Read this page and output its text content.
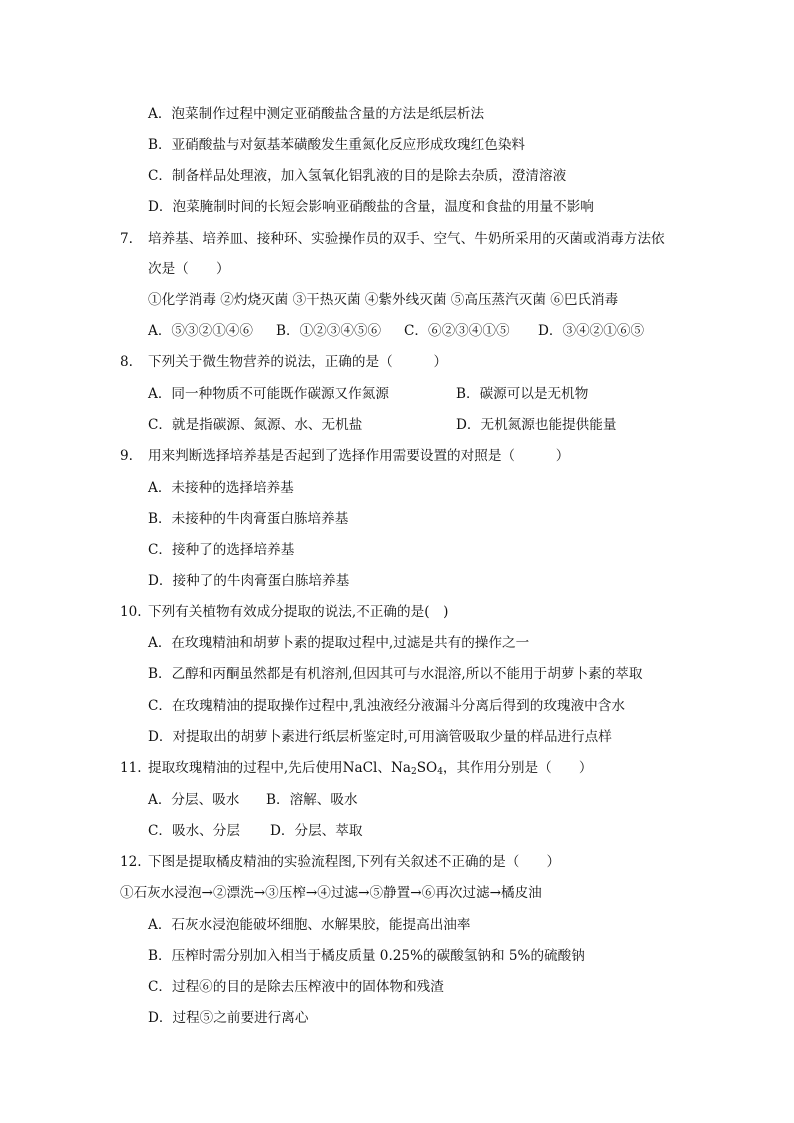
A．泡菜制作过程中测定亚硝酸盐含量的方法是纸层析法
B．亚硝酸盐与对氨基苯磺酸发生重氮化反应形成玫瑰红色染料
C．制备样品处理液，加入氢氧化铝乳液的目的是除去杂质，澄清溶液
D．泡菜腌制时间的长短会影响亚硝酸盐的含量，温度和食盐的用量不影响
7. 培养基、培养皿、接种环、实验操作员的双手、空气、牛奶所采用的灭菌或消毒方法依
次是（　　）
①化学消毒 ②灼烧灭菌 ③干热灭菌 ④紫外线灭菌 ⑤高压蒸汽灭菌 ⑥巴氏消毒
A．⑤③②①④⑥ B．①②③④⑤⑥ C．⑥②③④①⑤ D．③④②①⑥⑤
8. 下列关于微生物营养的说法，正确的是（　　　）
A．同一种物质不可能既作碳源又作氮源	B．碳源可以是无机物
C．就是指碳源、氮源、水、无机盐	D．无机氮源也能提供能量
9. 用来判断选择培养基是否起到了选择作用需要设置的对照是（　　　）
A．未接种的选择培养基
B．未接种的牛肉膏蛋白胨培养基
C．接种了的选择培养基
D．接种了的牛肉膏蛋白胨培养基
10. 下列有关植物有效成分提取的说法,不正确的是(　)
A．在玫瑰精油和胡萝卜素的提取过程中,过滤是共有的操作之一
B．乙醇和丙酮虽然都是有机溶剂,但因其可与水混溶,所以不能用于胡萝卜素的萃取
C．在玫瑰精油的提取操作过程中,乳浊液经分液漏斗分离后得到的玫瑰液中含水
D．对提取出的胡萝卜素进行纸层析鉴定时,可用滴管吸取少量的样品进行点样
11. 提取玫瑰精油的过程中,先后使用NaCl、$Na_2SO_4$，其作用分别是（　　）
A．分层、吸水 B．溶解、吸水
C．吸水、分层 D．分层、萃取
12. 下图是提取橘皮精油的实验流程图,下列有关叙述不正确的是（　　）
①石灰水浸泡→②漂洗→③压榨→④过滤→⑤静置→⑥再次过滤→橘皮油
A．石灰水浸泡能破坏细胞、水解果胶，能提高出油率
B．压榨时需分别加入相当于橘皮质量 0.25%的碳酸氢钠和 5%的硫酸钠
C．过程⑥的目的是除去压榨液中的固体物和残渣
D．过程⑤之前要进行离心
